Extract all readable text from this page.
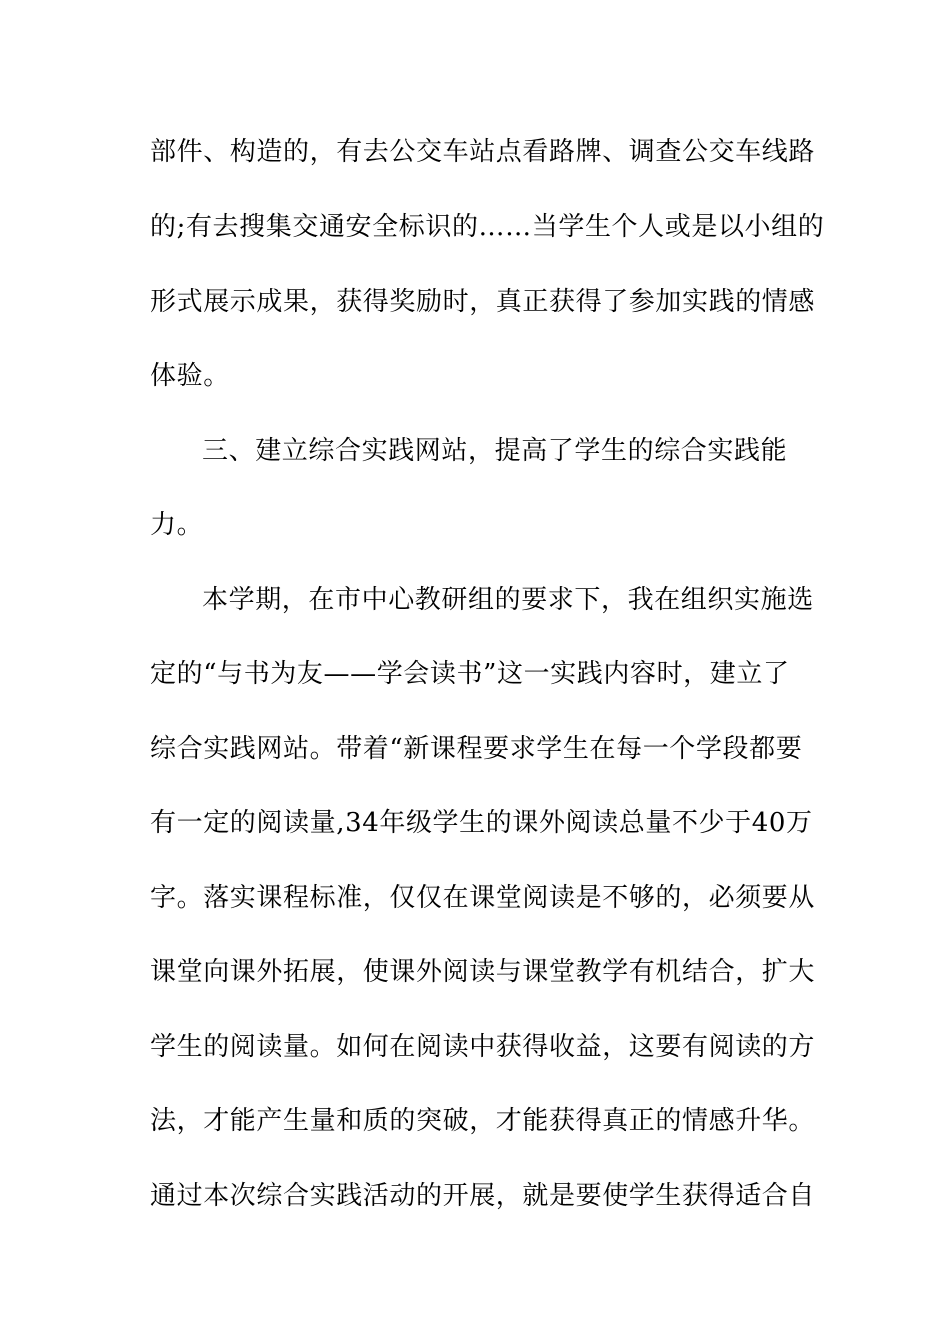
部件、构造的，有去公交车站点看路牌、调查公交车线路
的;有去搜集交通安全标识的……当学生个人或是以小组的
形式展示成果，获得奖励时，真正获得了参加实践的情感
体验。
三、建立综合实践网站，提高了学生的综合实践能
力。
本学期，在市中心教研组的要求下，我在组织实施选
定的“与书为友——学会读书”这一实践内容时，建立了
综合实践网站。带着“新课程要求学生在每一个学段都要
有一定的阅读量,34年级学生的课外阅读总量不少于40万
字。落实课程标准，仅仅在课堂阅读是不够的，必须要从
课堂向课外拓展，使课外阅读与课堂教学有机结合，扩大
学生的阅读量。如何在阅读中获得收益，这要有阅读的方
法，才能产生量和质的突破，才能获得真正的情感升华。
通过本次综合实践活动的开展，就是要使学生获得适合自
